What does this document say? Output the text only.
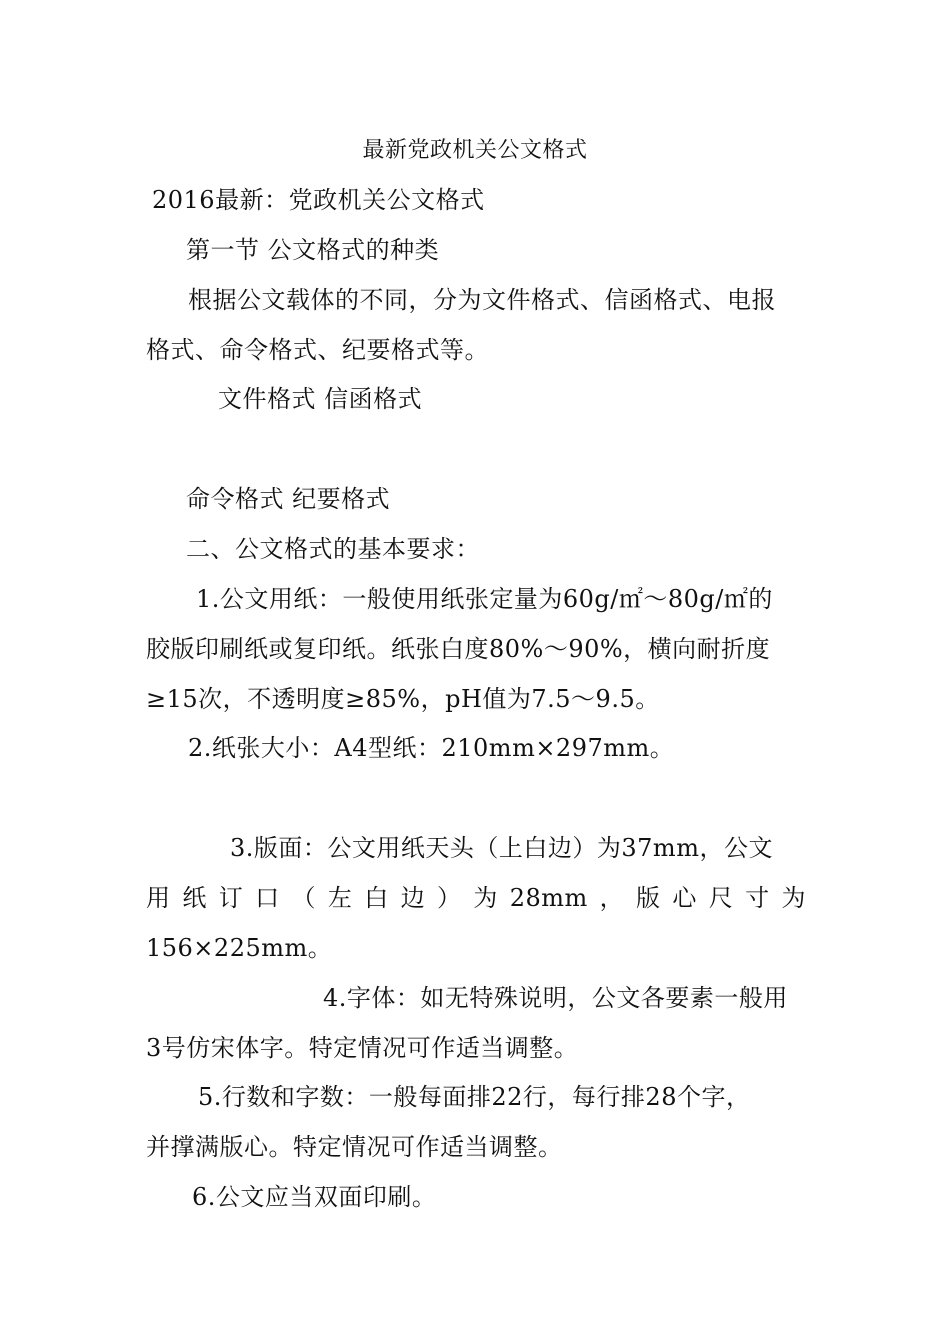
最新党政机关公文格式
2016最新：党政机关公文格式
第一节 公文格式的种类
根据公文载体的不同，分为文件格式、信函格式、电报
格式、命令格式、纪要格式等。
文件格式 信函格式
命令格式 纪要格式
二、公文格式的基本要求：
1.公文用纸：一般使用纸张定量为60g/㎡～80g/㎡的
胶版印刷纸或复印纸。纸张白度80%～90%，横向耐折度
≥15次，不透明度≥85%，pH值为7.5～9.5。
2.纸张大小：A4型纸：210mm×297mm。
3.版面：公文用纸天头（上白边）为37mm，公文
用纸订口（左白边）为28mm，版心尺寸为
156×225mm。
4.字体：如无特殊说明，公文各要素一般用
3号仿宋体字。特定情况可作适当调整。
5.行数和字数：一般每面排22行，每行排28个字，
并撑满版心。特定情况可作适当调整。
6.公文应当双面印刷。
